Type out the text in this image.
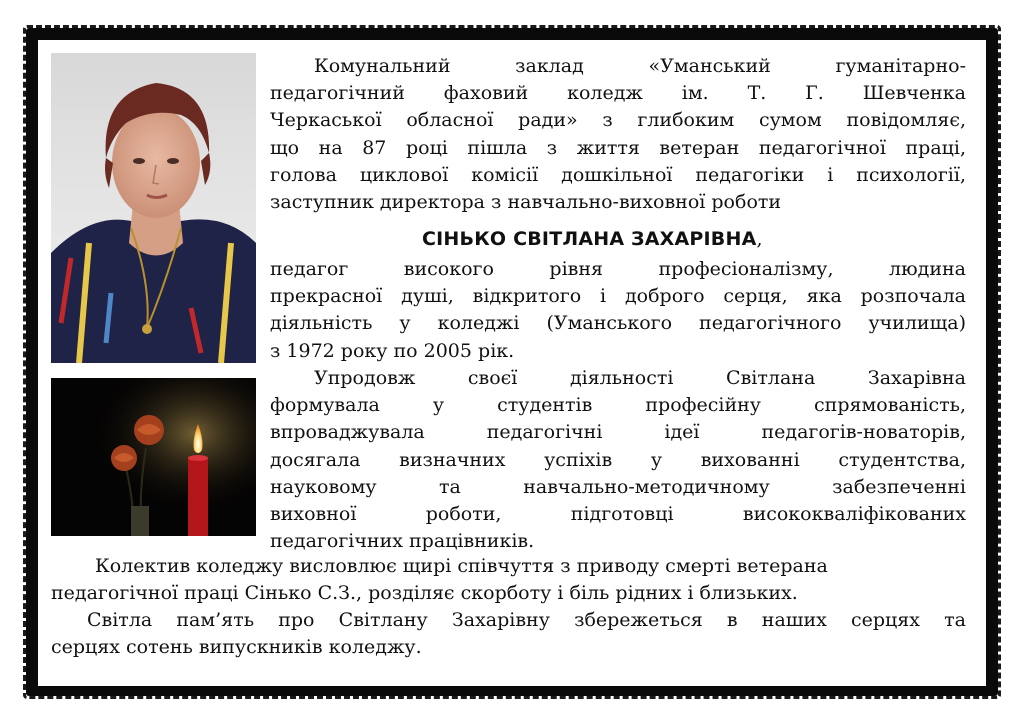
Комунальний заклад «Уманський гуманітарно-
педагогічний фаховий коледж ім. Т. Г. Шевченка
Черкаської обласної ради» з глибоким сумом повідомляє,
що на 87 році пішла з життя ветеран педагогічної праці,
голова циклової комісії дошкільної педагогіки і психології,
заступник директора з навчально-виховної роботи
СІНЬКО СВІТЛАНА ЗАХАРІВНА,
педагог високого рівня професіоналізму, людина
прекрасної душі, відкритого і доброго серця, яка розпочала
діяльність у коледжі (Уманського педагогічного училища)
з 1972 року по 2005 рік.
Упродовж своєї діяльності Світлана Захарівна
формувала у студентів професійну спрямованість,
впроваджувала педагогічні ідеї педагогів-новаторів,
досягала визначних успіхів у вихованні студентства,
науковому та навчально-методичному забезпеченні
виховної роботи, підготовці висококваліфікованих
педагогічних працівників.
Колектив коледжу висловлює щирі співчуття з приводу смерті ветерана
педагогічної праці Сінько С.З., розділяє скорботу і біль рідних і близьких.
Світла пам’ять про Світлану Захарівну збережеться в наших серцях та
серцях сотень випускників коледжу.
